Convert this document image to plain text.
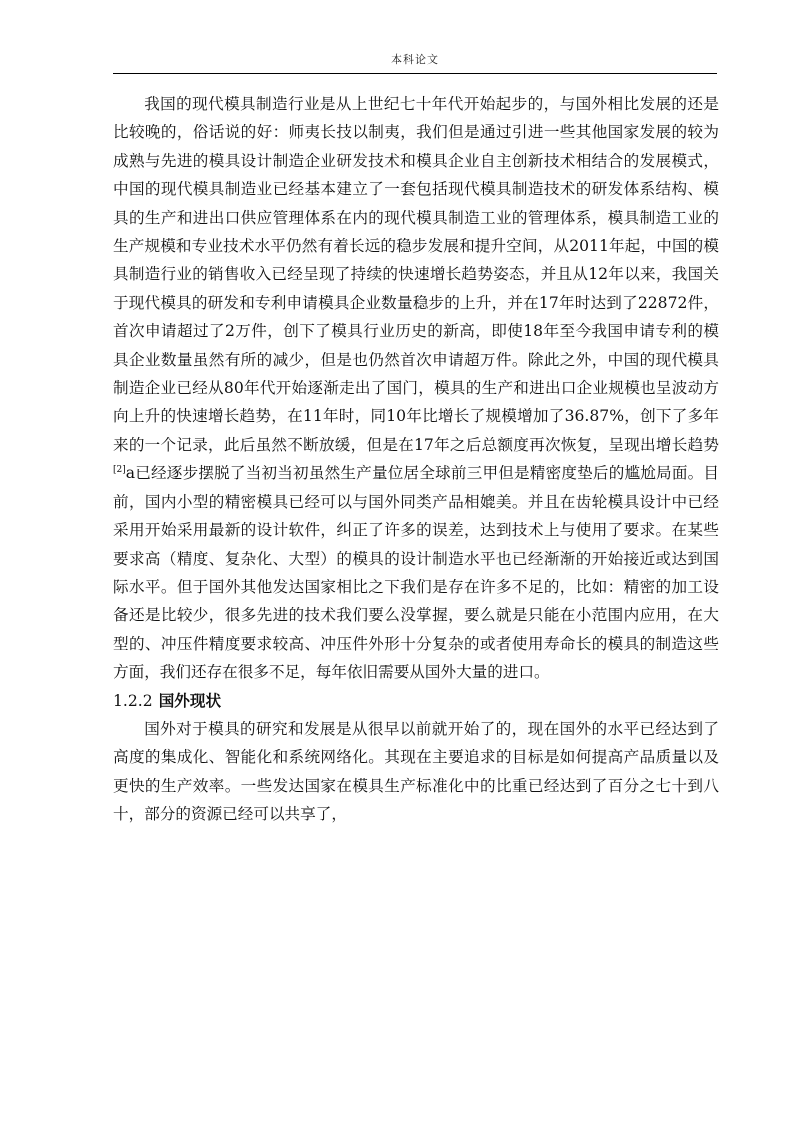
本科论文

我国的现代模具制造行业是从上世纪七十年代开始起步的，与国外相比发展的还是比较晚的，俗话说的好：师夷长技以制夷，我们但是通过引进一些其他国家发展的较为成熟与先进的模具设计制造企业研发技术和模具企业自主创新技术相结合的发展模式，中国的现代模具制造业已经基本建立了一套包括现代模具制造技术的研发体系结构、模具的生产和进出口供应管理体系在内的现代模具制造工业的管理体系，模具制造工业的生产规模和专业技术水平仍然有着长远的稳步发展和提升空间，从2011年起，中国的模具制造行业的销售收入已经呈现了持续的快速增长趋势姿态，并且从12年以来，我国关于现代模具的研发和专利申请模具企业数量稳步的上升，并在17年时达到了22872件，首次申请超过了2万件，创下了模具行业历史的新高，即使18年至今我国申请专利的模具企业数量虽然有所的减少，但是也仍然首次申请超万件。除此之外，中国的现代模具制造企业已经从80年代开始逐渐走出了国门，模具的生产和进出口企业规模也呈波动方向上升的快速增长趋势，在11年时，同10年比增长了规模增加了36.87%，创下了多年来的一个记录，此后虽然不断放缓，但是在17年之后总额度再次恢复，呈现出增长趋势[2]a已经逐步摆脱了当初当初虽然生产量位居全球前三甲但是精密度垫后的尴尬局面。目前，国内小型的精密模具已经可以与国外同类产品相媲美。并且在齿轮模具设计中已经采用开始采用最新的设计软件，纠正了许多的误差，达到技术上与使用了要求。在某些要求高（精度、复杂化、大型）的模具的设计制造水平也已经渐渐的开始接近或达到国际水平。但于国外其他发达国家相比之下我们是存在许多不足的，比如：精密的加工设备还是比较少，很多先进的技术我们要么没掌握，要么就是只能在小范围内应用，在大型的、冲压件精度要求较高、冲压件外形十分复杂的或者使用寿命长的模具的制造这些方面，我们还存在很多不足，每年依旧需要从国外大量的进口。

1.2.2 国外现状

国外对于模具的研究和发展是从很早以前就开始了的，现在国外的水平已经达到了高度的集成化、智能化和系统网络化。其现在主要追求的目标是如何提高产品质量以及更快的生产效率。一些发达国家在模具生产标准化中的比重已经达到了百分之七十到八十，部分的资源已经可以共享了，
